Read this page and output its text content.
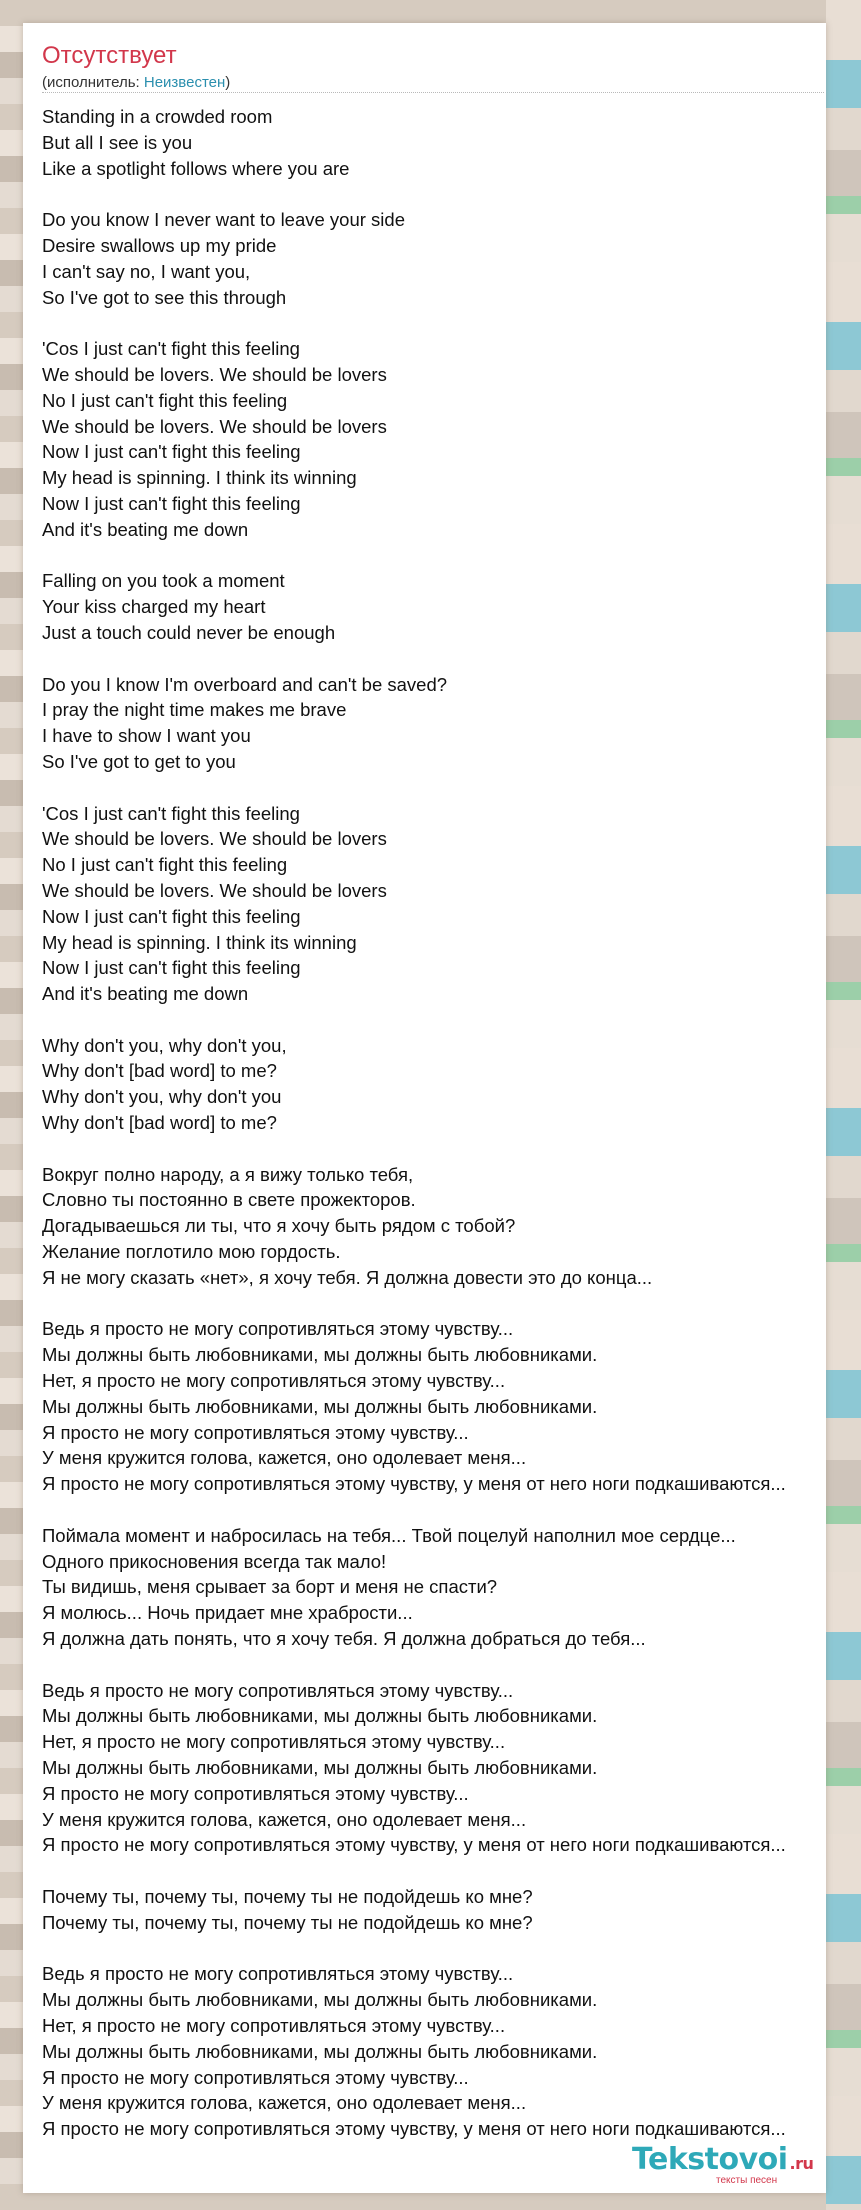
Отсутствует
(исполнитель: Неизвестен)
Standing in a crowded room
But all I see is you
Like a spotlight follows where you are
Do you know I never want to leave your side
Desire swallows up my pride
I can't say no, I want you,
So I've got to see this through
'Cos I just can't fight this feeling
We should be lovers. We should be lovers
No I just can't fight this feeling
We should be lovers. We should be lovers
Now I just can't fight this feeling
My head is spinning. I think its winning
Now I just can't fight this feeling
And it's beating me down
Falling on you took a moment
Your kiss charged my heart
Just a touch could never be enough
Do you I know I'm overboard and can't be saved?
I pray the night time makes me brave
I have to show I want you
So I've got to get to you
'Cos I just can't fight this feeling
We should be lovers. We should be lovers
No I just can't fight this feeling
We should be lovers. We should be lovers
Now I just can't fight this feeling
My head is spinning. I think its winning
Now I just can't fight this feeling
And it's beating me down
Why don't you, why don't you,
Why don't [bad word] to me?
Why don't you, why don't you
Why don't [bad word] to me?
Вокруг полно народу, а я вижу только тебя,
Словно ты постоянно в свете прожекторов.
Догадываешься ли ты, что я хочу быть рядом с тобой?
Желание поглотило мою гордость.
Я не могу сказать «нет», я хочу тебя. Я должна довести это до конца...
Ведь я просто не могу сопротивляться этому чувству...
Мы должны быть любовниками, мы должны быть любовниками.
Нет, я просто не могу сопротивляться этому чувству...
Мы должны быть любовниками, мы должны быть любовниками.
Я просто не могу сопротивляться этому чувству...
У меня кружится голова, кажется, оно одолевает меня...
Я просто не могу сопротивляться этому чувству, у меня от него ноги подкашиваются...
Поймала момент и набросилась на тебя... Твой поцелуй наполнил мое сердце...
Одного прикосновения всегда так мало!
Ты видишь, меня срывает за борт и меня не спасти?
Я молюсь... Ночь придает мне храбрости...
Я должна дать понять, что я хочу тебя. Я должна добраться до тебя...
Ведь я просто не могу сопротивляться этому чувству...
Мы должны быть любовниками, мы должны быть любовниками.
Нет, я просто не могу сопротивляться этому чувству...
Мы должны быть любовниками, мы должны быть любовниками.
Я просто не могу сопротивляться этому чувству...
У меня кружится голова, кажется, оно одолевает меня...
Я просто не могу сопротивляться этому чувству, у меня от него ноги подкашиваются...
Почему ты, почему ты, почему ты не подойдешь ко мне?
Почему ты, почему ты, почему ты не подойдешь ко мне?
Ведь я просто не могу сопротивляться этому чувству...
Мы должны быть любовниками, мы должны быть любовниками.
Нет, я просто не могу сопротивляться этому чувству...
Мы должны быть любовниками, мы должны быть любовниками.
Я просто не могу сопротивляться этому чувству...
У меня кружится голова, кажется, оно одолевает меня...
Я просто не могу сопротивляться этому чувству, у меня от него ноги подкашиваются...
Tekstovoi .ru
тексты песен
